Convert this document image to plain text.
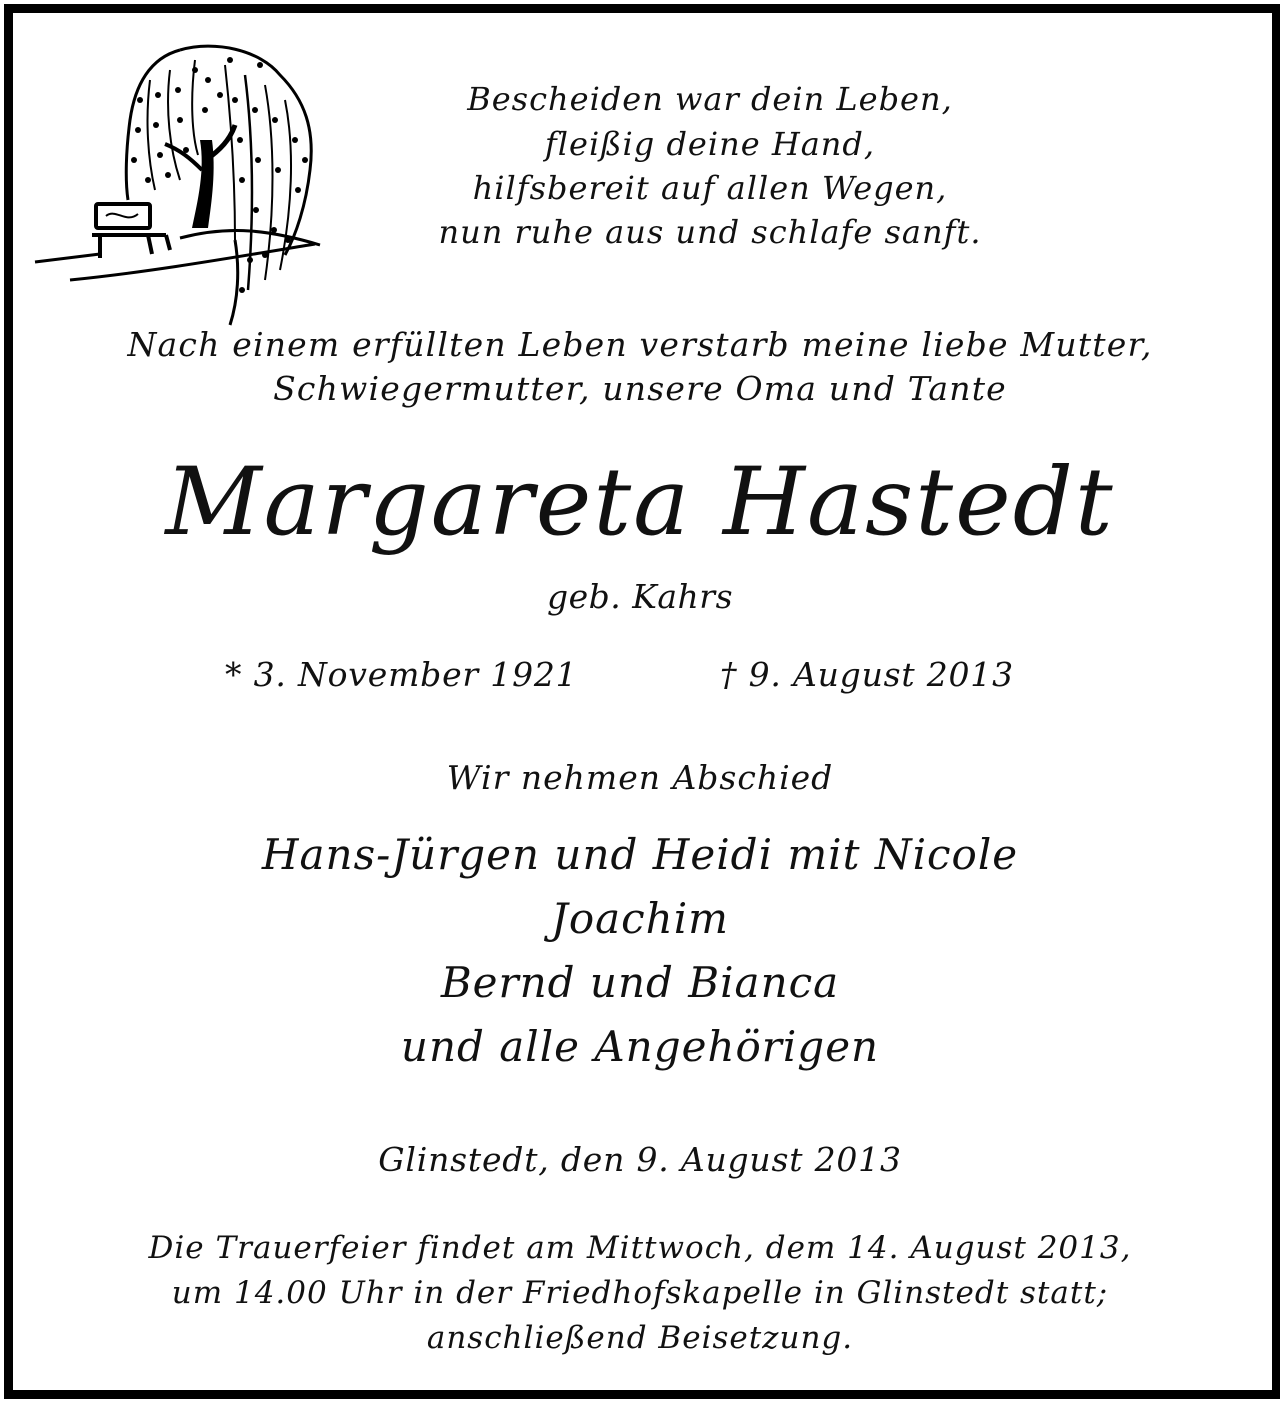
Bescheiden war dein Leben,
fleißig deine Hand,
hilfsbereit auf allen Wegen,
nun ruhe aus und schlafe sanft.
Nach einem erfüllten Leben verstarb meine liebe Mutter,
Schwiegermutter, unsere Oma und Tante
Margareta Hastedt
geb. Kahrs
* 3. November 1921	† 9. August 2013
Wir nehmen Abschied
Hans-Jürgen und Heidi mit Nicole
Joachim
Bernd und Bianca
und alle Angehörigen
Glinstedt, den 9. August 2013
Die Trauerfeier findet am Mittwoch, dem 14. August 2013,
um 14.00 Uhr in der Friedhofskapelle in Glinstedt statt;
anschließend Beisetzung.
